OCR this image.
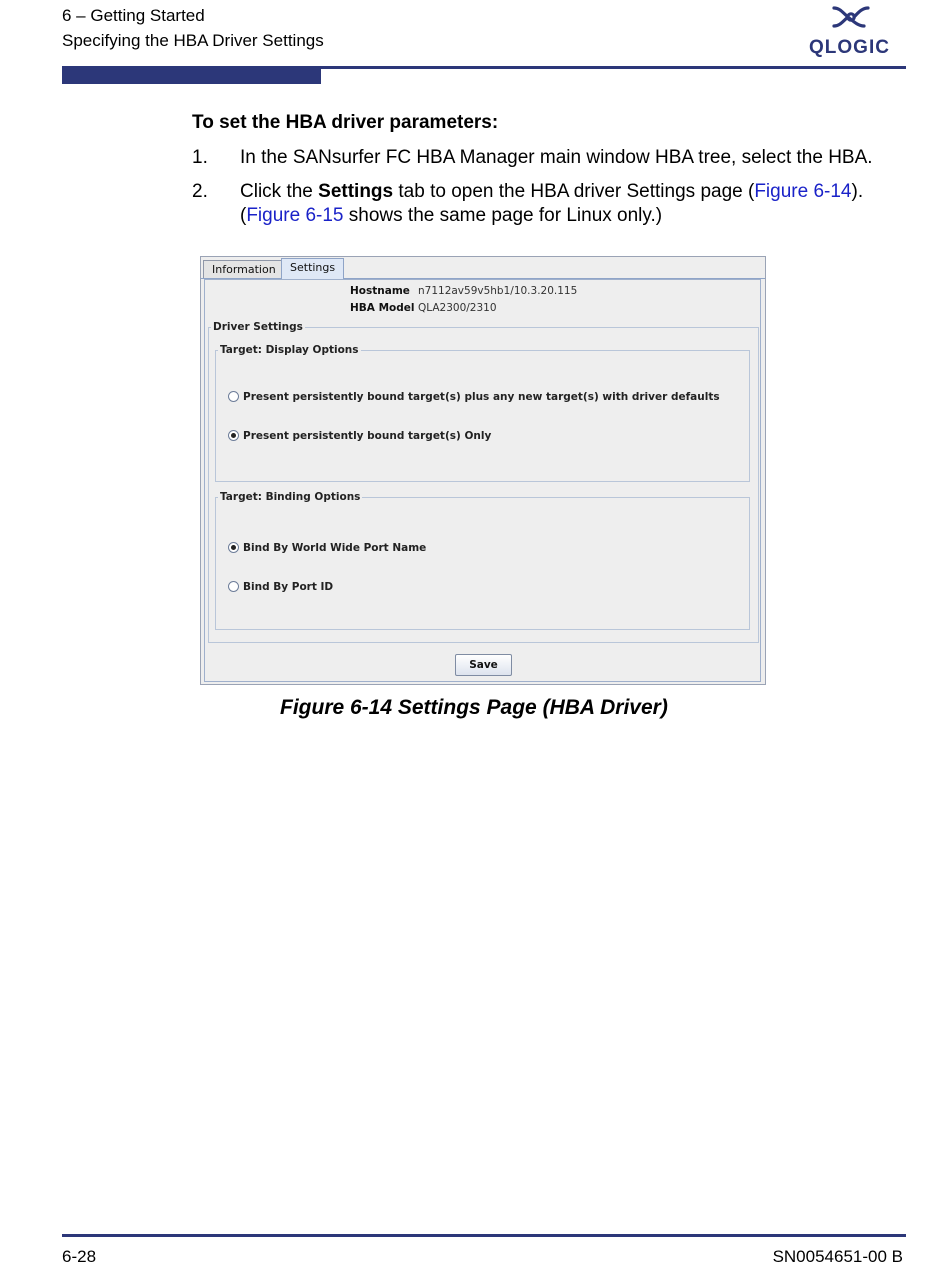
6 – Getting Started
Specifying the HBA Driver Settings	QLOGIC
To set the HBA driver parameters:
1.	In the SANsurfer FC HBA Manager main window HBA tree, select the HBA.
2.	Click the Settings tab to open the HBA driver Settings page (Figure 6-14). (Figure 6-15 shows the same page for Linux only.)
Information	Settings
Hostname n7112av59v5hb1/10.3.20.115
HBA Model QLA2300/2310
Driver Settings
Target: Display Options
Present persistently bound target(s) plus any new target(s) with driver defaults
Present persistently bound target(s) Only
Target: Binding Options
Bind By World Wide Port Name
Bind By Port ID
Save
Figure 6-14 Settings Page (HBA Driver)
6-28	SN0054651-00 B
